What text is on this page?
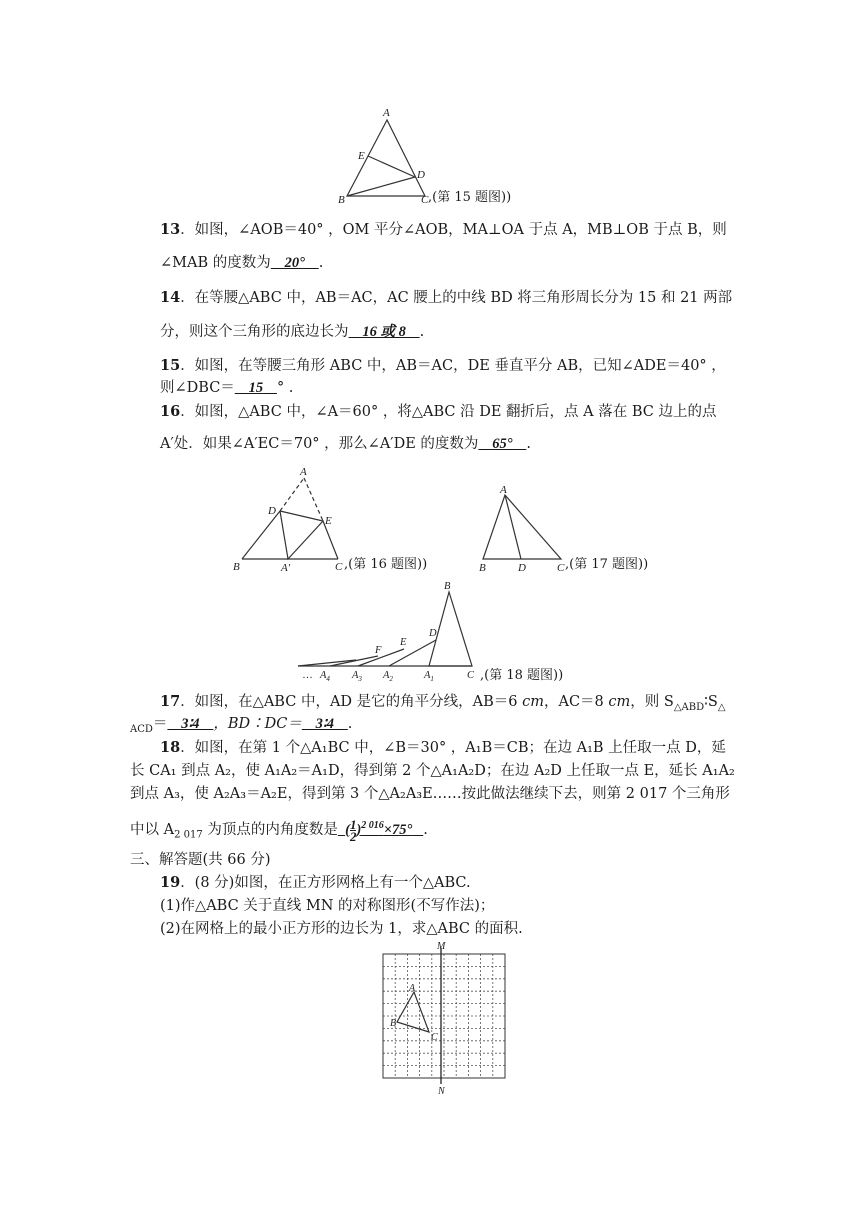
A
E
D
B	C ,(第 15 题图))
13．如图，∠AOB＝40° ，OM 平分∠AOB，MA⊥OA 于点 A，MB⊥OB 于点 B，则
∠MAB 的度数为 20° .
14．在等腰△ABC 中，AB＝AC，AC 腰上的中线 BD 将三角形周长分为 15 和 21 两部
分，则这个三角形的底边长为 16 或 8 .
15．如图，在等腰三角形 ABC 中，AB＝AC，DE 垂直平分 AB，已知∠ADE＝40° ，
则∠DBC＝ 15 ° .
16．如图，△ABC 中，∠A＝60° ，将△ABC 沿 DE 翻折后，点 A 落在 BC 边上的点
A′处．如果∠A′EC＝70° ，那么∠A′DE 的度数为 65° .
A
D
E
B	A′	C ,(第 16 题图))
A
B	D	C ,(第 17 题图))
B
D
E
F
… $A_4$ $A_3$ $A_2$	$A_1$	C ,(第 18 题图))
17．如图，在△ABC 中，AD 是它的角平分线，AB＝6 cm，AC＝8 cm，则 $S_{\triangle ABD}∶S_\triangle$
$_{ACD}$＝ 3∶4 ，BD∶DC＝ 3∶4 .
18．如图，在第 1 个△A₁BC 中，∠B＝30° ，A₁B＝CB；在边 A₁B 上任取一点 D，延
长 CA₁ 到点 A₂，使 A₁A₂＝A₁D，得到第 2 个△A₁A₂D；在边 A₂D 上任取一点 E，延长 A₁A₂
到点 A₃，使 A₂A₃＝A₂E，得到第 3 个△A₂A₃E……按此做法继续下去，则第 2 017 个三角形
中以 $A_{2 017}$ 为顶点的内角度数是 ( $\frac{1}{2} )^{2 016}\times 75^\circ$ .
三、解答题(共 66 分)
19．(8 分)如图，在正方形网格上有一个△ABC.
(1)作△ABC 关于直线 MN 的对称图形(不写作法)；
(2)在网格上的最小正方形的边长为 1，求△ABC 的面积.
M
N
A
B
C
